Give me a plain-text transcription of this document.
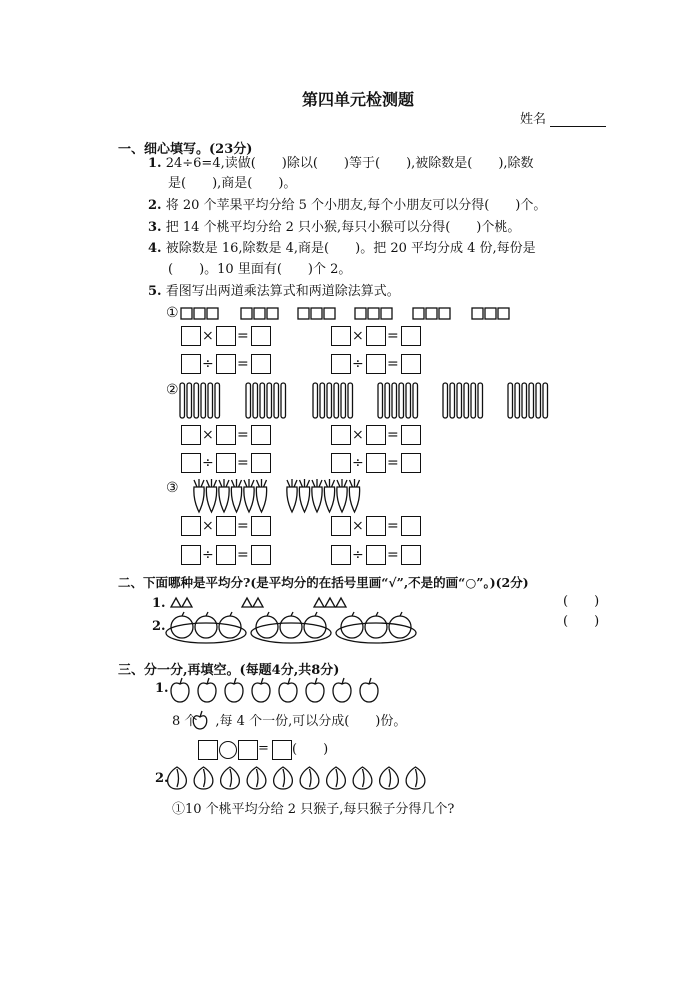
第四单元检测题
姓名
一、细心填写。(23分)
1. 24÷6=4,读做(　　)除以(　　)等于(　　),被除数是(　　),除数
是(　　),商是(　　)。
2. 将 20 个苹果平均分给 5 个小朋友,每个小朋友可以分得(　　)个。
3. 把 14 个桃平均分给 2 只小猴,每只小猴可以分得(　　)个桃。
4. 被除数是 16,除数是 4,商是(　　)。把 20 平均分成 4 份,每份是
(　　)。10 里面有(　　)个 2。
5. 看图写出两道乘法算式和两道除法算式。
①
②
③
× =	× =
÷ =	÷ =
× =	× =
÷ =	÷ =
× =	× =
÷ =	÷ =
二、下面哪种是平均分?(是平均分的在括号里画“√”,不是的画“○”。)(2分)
1.	(　　)
2.	(　　)
三、分一分,再填空。(每题4分,共8分)
1.
8 个 ,每 4 个一份,可以分成(　　)份。
= (　　)
2.
①10 个桃平均分给 2 只猴子,每只猴子分得几个?
